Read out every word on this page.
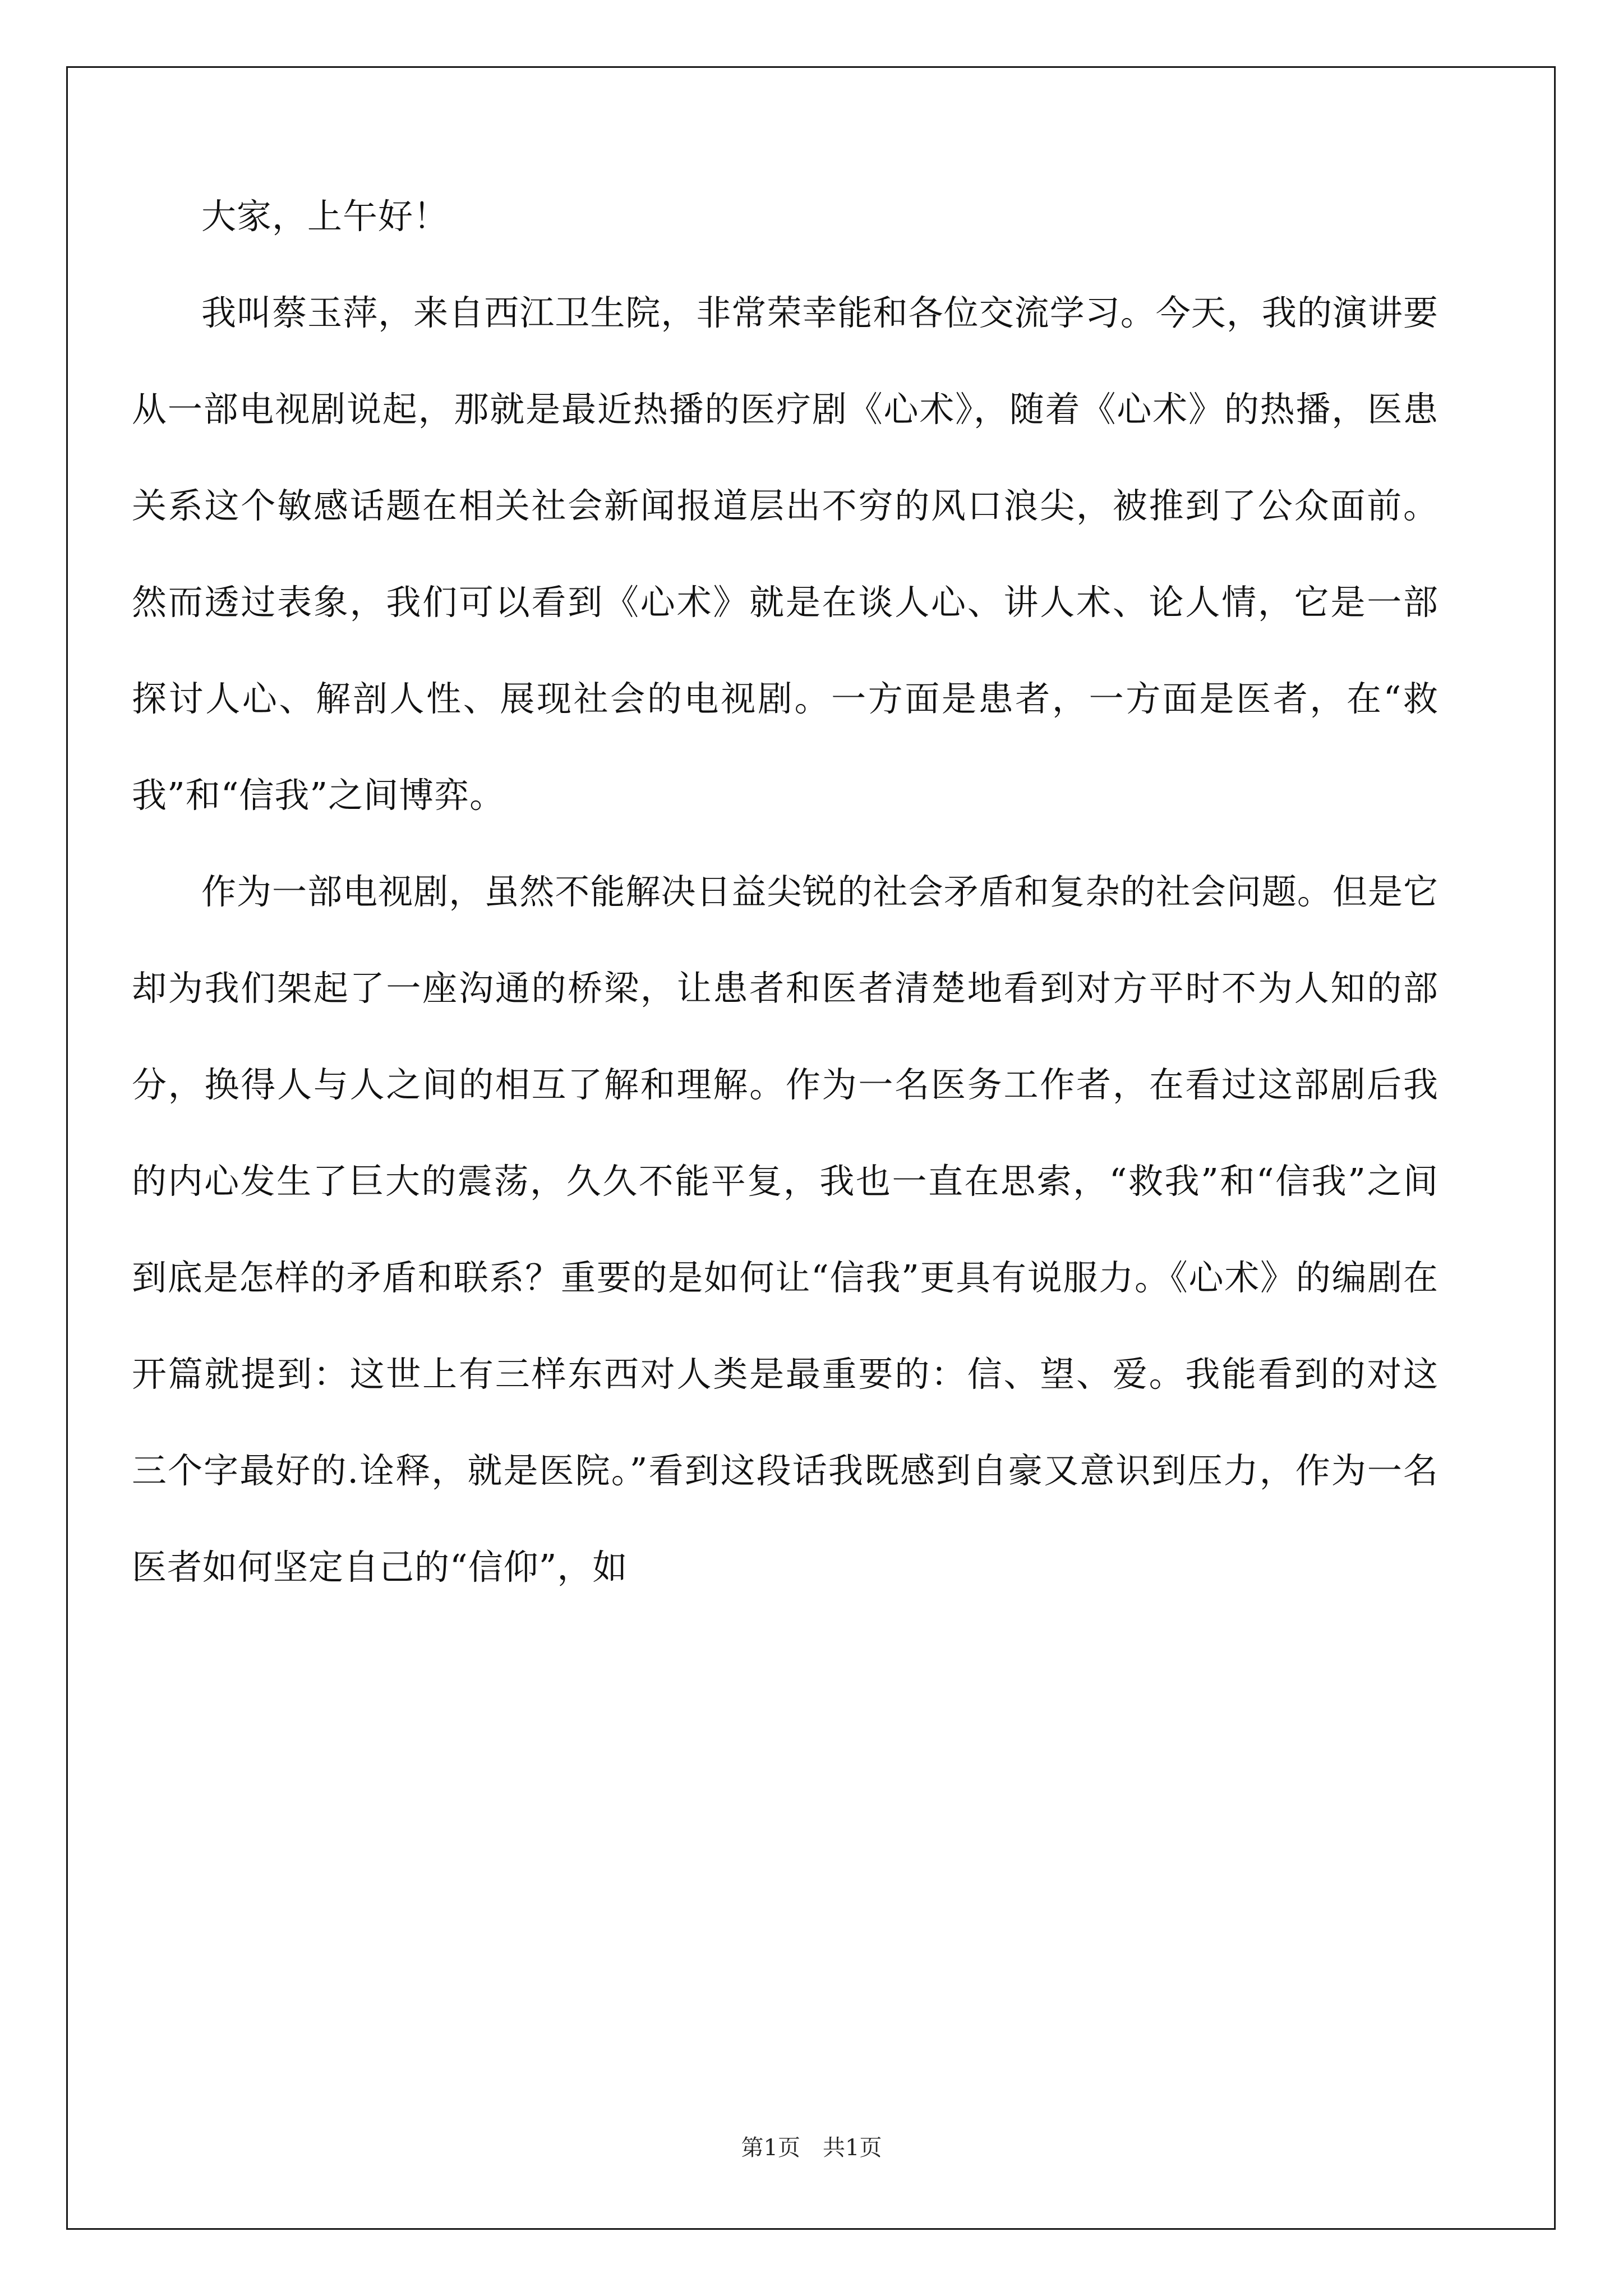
大家，上午好！

我叫蔡玉萍，来自西江卫生院，非常荣幸能和各位交流学习。今天，我的演讲要从一部电视剧说起，那就是最近热播的医疗剧《心术》，随着《心术》的热播，医患关系这个敏感话题在相关社会新闻报道层出不穷的风口浪尖，被推到了公众面前。然而透过表象，我们可以看到《心术》就是在谈人心、讲人术、论人情，它是一部探讨人心、解剖人性、展现社会的电视剧。一方面是患者，一方面是医者，在“救我”和“信我”之间博弈。

作为一部电视剧，虽然不能解决日益尖锐的社会矛盾和复杂的社会问题。但是它却为我们架起了一座沟通的桥梁，让患者和医者清楚地看到对方平时不为人知的部分，换得人与人之间的相互了解和理解。作为一名医务工作者，在看过这部剧后我的内心发生了巨大的震荡，久久不能平复，我也一直在思索，“救我”和“信我”之间到底是怎样的矛盾和联系？重要的是如何让“信我”更具有说服力。《心术》的编剧在开篇就提到：这世上有三样东西对人类是最重要的：信、望、爱。我能看到的对这三个字最好的.诠释，就是医院。”看到这段话我既感到自豪又意识到压力，作为一名医者如何坚定自己的“信仰”，如

第1页 共1页
